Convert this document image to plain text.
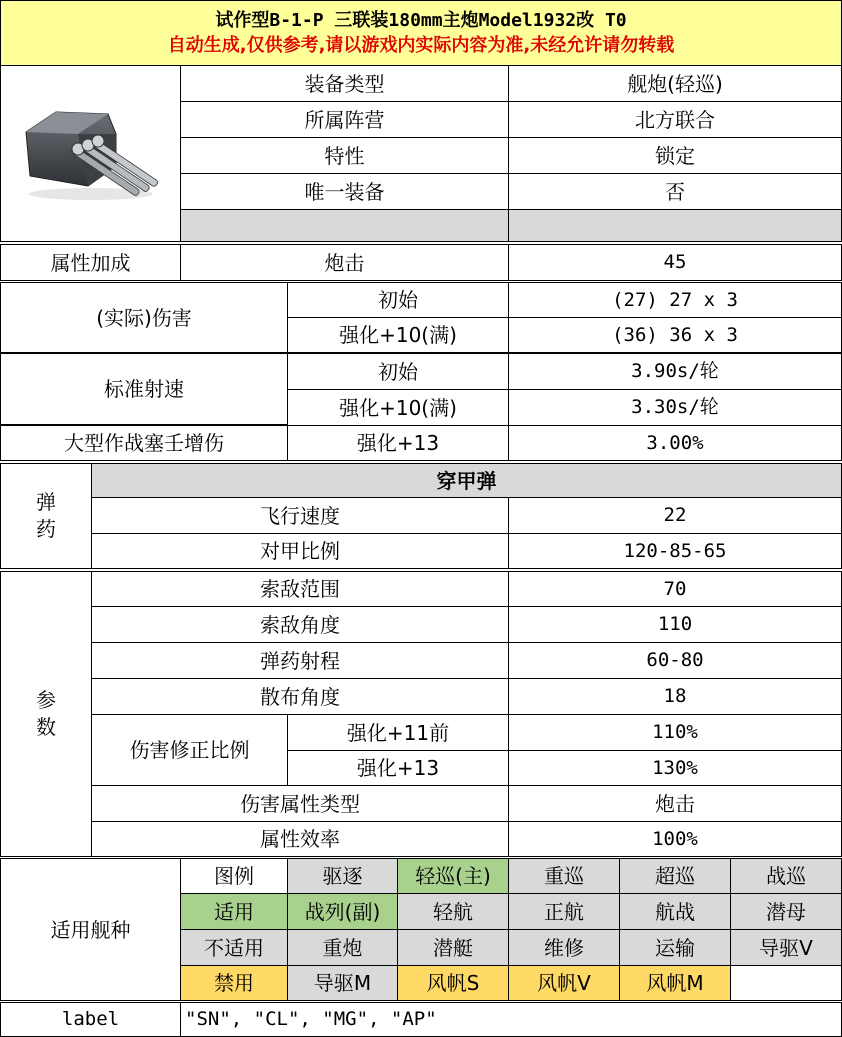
试作型B-1-P 三联装180mm主炮Model1932改 T0
自动生成,仅供参考,请以游戏内实际内容为准,未经允许请勿转载
装备类型	舰炮(轻巡)
所属阵营	北方联合
特性	锁定
唯一装备	否
属性加成	炮击	45
(实际)伤害
初始	(27) 27 x 3
强化+10(满)	(36) 36 x 3
标准射速
初始	3.90s/轮
强化+10(满)	3.30s/轮
大型作战塞壬增伤	强化+13	3.00%
弹
药
穿甲弹
飞行速度	22
对甲比例	120-85-65
参
数
索敌范围	70
索敌角度	110
弹药射程	60-80
散布角度	18
伤害修正比例
强化+11前	110%
强化+13	130%
伤害属性类型	炮击
属性效率	100%
适用舰种
图例	驱逐	轻巡(主)	重巡	超巡	战巡
适用	战列(副)	轻航	正航	航战	潜母
不适用	重炮	潜艇	维修	运输	导驱V
禁用	导驱M	风帆S	风帆V	风帆M
label	"SN", "CL", "MG", "AP"
